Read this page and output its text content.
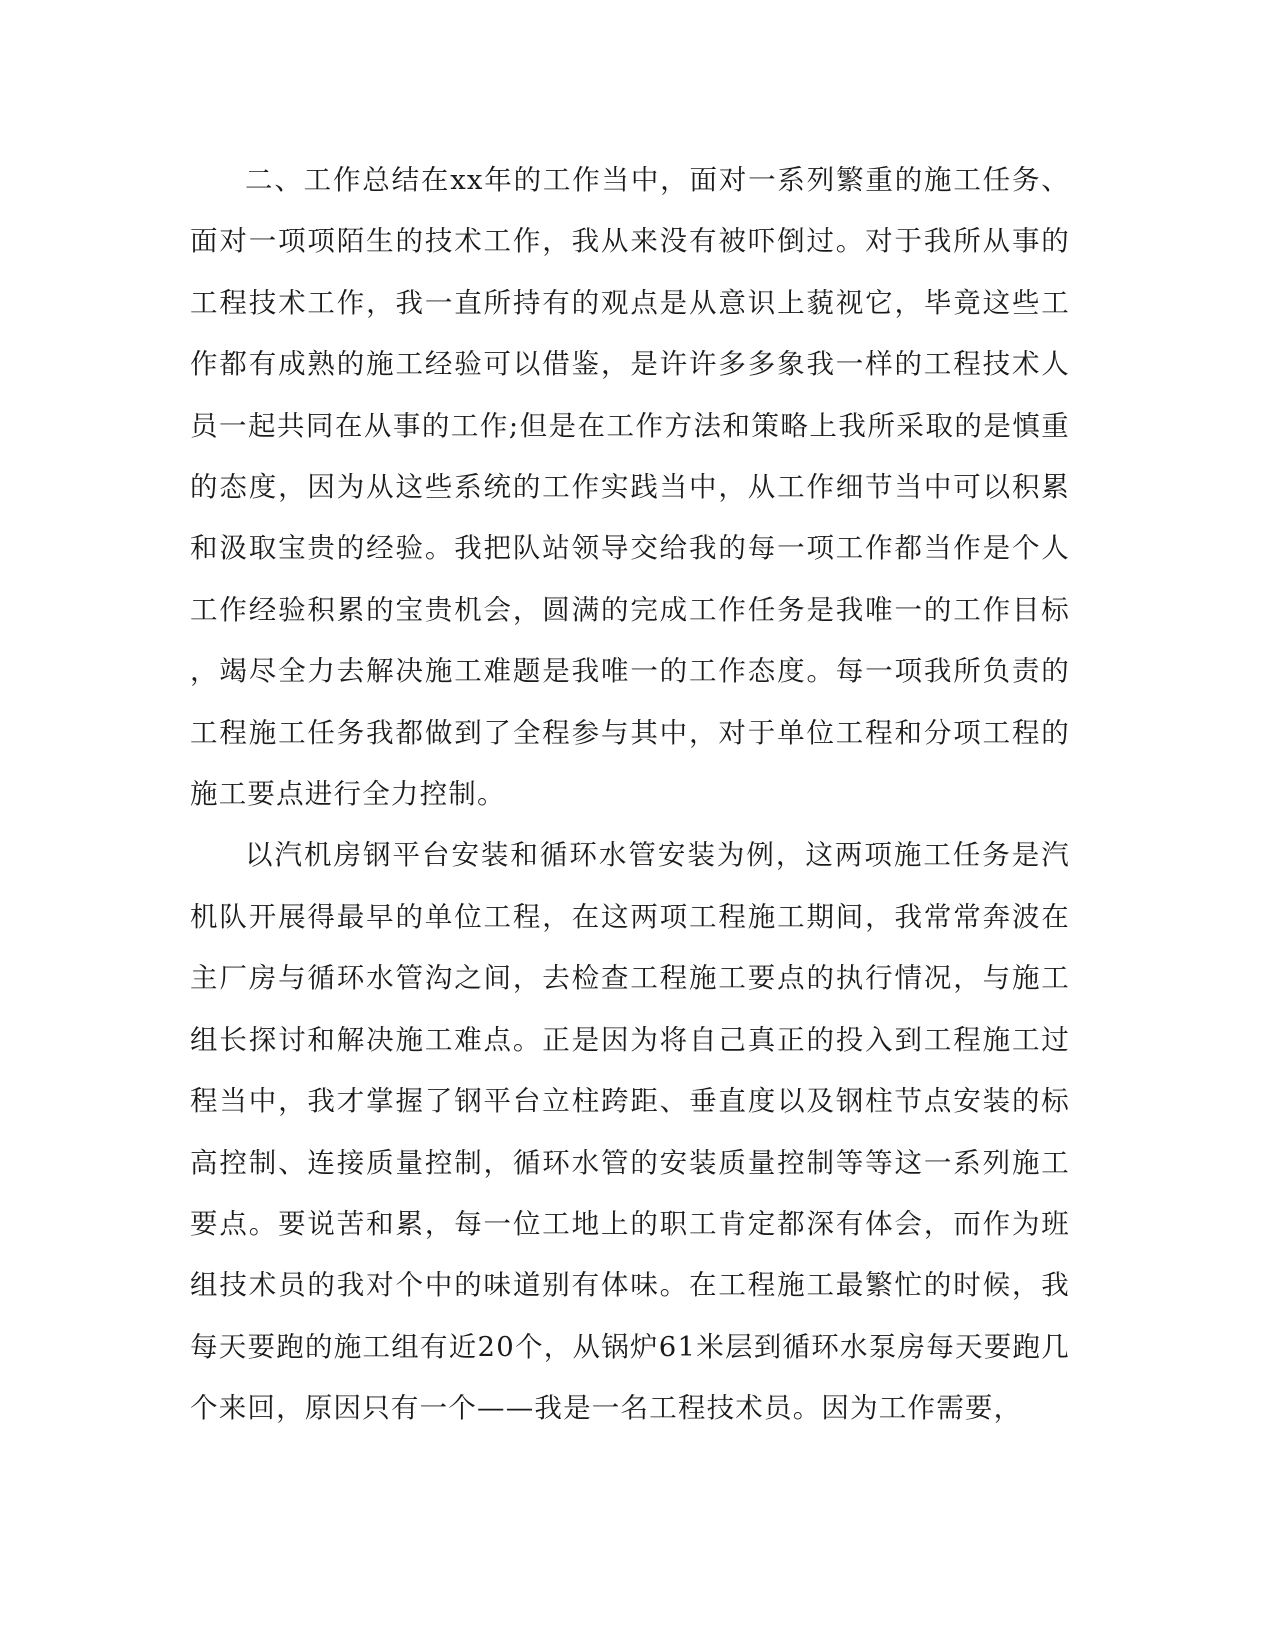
二、工作总结在xx年的工作当中，面对一系列繁重的施工任务、面对一项项陌生的技术工作，我从来没有被吓倒过。对于我所从事的工程技术工作，我一直所持有的观点是从意识上藐视它，毕竟这些工作都有成熟的施工经验可以借鉴，是许许多多象我一样的工程技术人员一起共同在从事的工作;但是在工作方法和策略上我所采取的是慎重的态度，因为从这些系统的工作实践当中，从工作细节当中可以积累和汲取宝贵的经验。我把队站领导交给我的每一项工作都当作是个人工作经验积累的宝贵机会，圆满的完成工作任务是我唯一的工作目标，竭尽全力去解决施工难题是我唯一的工作态度。每一项我所负责的工程施工任务我都做到了全程参与其中，对于单位工程和分项工程的施工要点进行全力控制。

以汽机房钢平台安装和循环水管安装为例，这两项施工任务是汽机队开展得最早的单位工程，在这两项工程施工期间，我常常奔波在主厂房与循环水管沟之间，去检查工程施工要点的执行情况，与施工组长探讨和解决施工难点。正是因为将自己真正的投入到工程施工过程当中，我才掌握了钢平台立柱跨距、垂直度以及钢柱节点安装的标高控制、连接质量控制，循环水管的安装质量控制等等这一系列施工要点。要说苦和累，每一位工地上的职工肯定都深有体会，而作为班组技术员的我对个中的味道别有体味。在工程施工最繁忙的时候，我每天要跑的施工组有近20个，从锅炉61米层到循环水泵房每天要跑几个来回，原因只有一个——我是一名工程技术员。因为工作需要，
